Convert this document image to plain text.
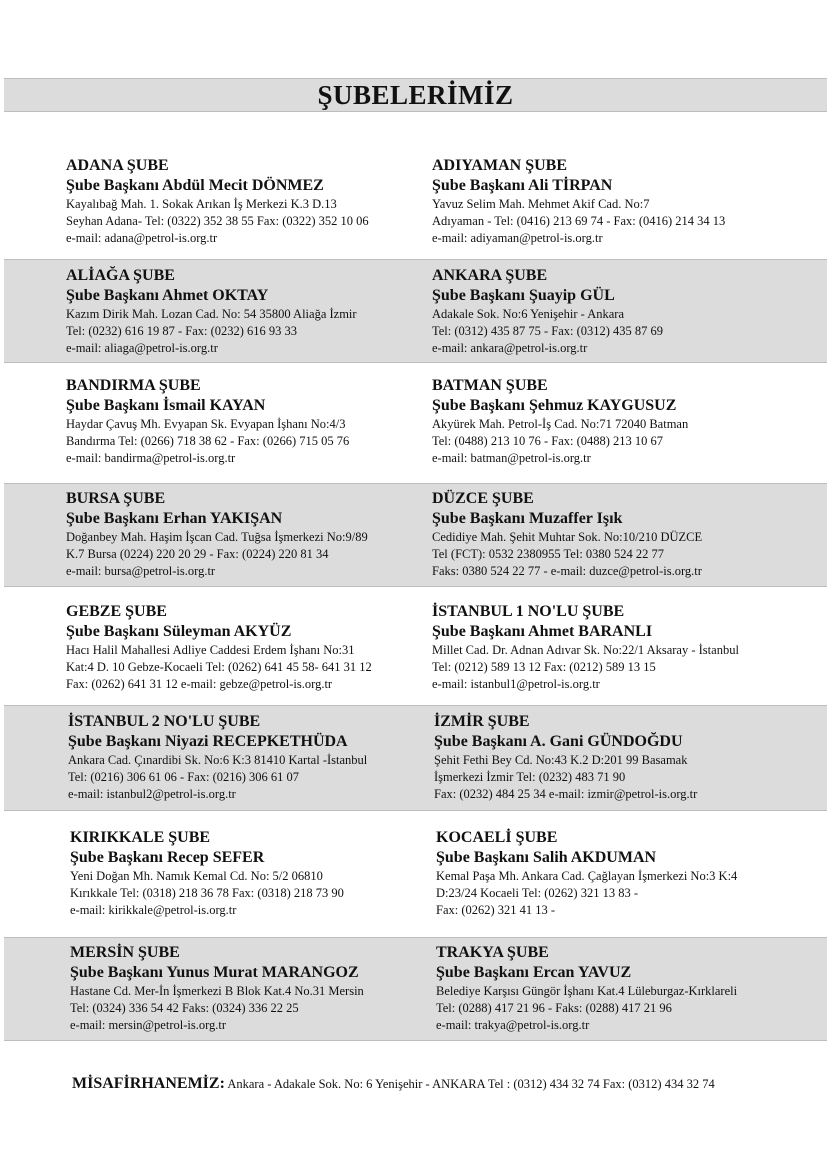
ŞUBELERİMİZ
ADANA ŞUBE
Şube Başkanı Abdül Mecit DÖNMEZ
Kayalıbağ Mah. 1. Sokak Arıkan İş Merkezi K.3 D.13
Seyhan Adana- Tel: (0322) 352 38 55 Fax: (0322) 352 10 06
e-mail: adana@petrol-is.org.tr
ADIYAMAN ŞUBE
Şube Başkanı Ali TİRPAN
Yavuz Selim Mah. Mehmet Akif Cad. No:7
Adıyaman - Tel: (0416) 213 69 74 - Fax: (0416) 214 34 13
e-mail: adiyaman@petrol-is.org.tr
ALİAĞA ŞUBE
Şube Başkanı Ahmet OKTAY
Kazım Dirik Mah. Lozan Cad. No: 54 35800 Aliağa İzmir
Tel: (0232) 616 19 87 - Fax: (0232) 616 93 33
e-mail: aliaga@petrol-is.org.tr
ANKARA ŞUBE
Şube Başkanı Şuayip GÜL
Adakale Sok. No:6 Yenişehir - Ankara
Tel: (0312) 435 87 75 - Fax: (0312) 435 87 69
e-mail: ankara@petrol-is.org.tr
BANDIRMA ŞUBE
Şube Başkanı İsmail KAYAN
Haydar Çavuş Mh. Evyapan Sk. Evyapan İşhanı No:4/3
Bandırma Tel: (0266) 718 38 62 - Fax: (0266) 715 05 76
e-mail: bandirma@petrol-is.org.tr
BATMAN ŞUBE
Şube Başkanı Şehmuz KAYGUSUZ
Akyürek Mah. Petrol-İş Cad. No:71 72040 Batman
Tel: (0488) 213 10 76 - Fax: (0488) 213 10 67
e-mail: batman@petrol-is.org.tr
BURSA ŞUBE
Şube Başkanı Erhan YAKIŞAN
Doğanbey Mah. Haşim İşcan Cad. Tuğsa İşmerkezi No:9/89
K.7 Bursa (0224) 220 20 29 - Fax: (0224) 220 81 34
e-mail: bursa@petrol-is.org.tr
DÜZCE ŞUBE
Şube Başkanı Muzaffer Işık
Cedidiye Mah. Şehit Muhtar Sok. No:10/210 DÜZCE
Tel (FCT): 0532 2380955 Tel: 0380 524 22 77
Faks: 0380 524 22 77 - e-mail: duzce@petrol-is.org.tr
GEBZE ŞUBE
Şube Başkanı Süleyman AKYÜZ
Hacı Halil Mahallesi Adliye Caddesi Erdem İşhanı No:31
Kat:4 D. 10 Gebze-Kocaeli Tel: (0262) 641 45 58- 641 31 12
Fax: (0262) 641 31 12 e-mail: gebze@petrol-is.org.tr
İSTANBUL 1 NO'LU ŞUBE
Şube Başkanı Ahmet BARANLI
Millet Cad. Dr. Adnan Adıvar Sk. No:22/1 Aksaray - İstanbul
Tel: (0212) 589 13 12 Fax: (0212) 589 13 15
e-mail: istanbul1@petrol-is.org.tr
İSTANBUL 2 NO'LU ŞUBE
Şube Başkanı Niyazi RECEPKETHÜDA
Ankara Cad. Çınardibi Sk. No:6 K:3 81410 Kartal -İstanbul
Tel: (0216) 306 61 06 - Fax: (0216) 306 61 07
e-mail: istanbul2@petrol-is.org.tr
İZMİR ŞUBE
Şube Başkanı A. Gani GÜNDOĞDU
Şehit Fethi Bey Cd. No:43 K.2 D:201 99 Basamak
İşmerkezi İzmir Tel: (0232) 483 71 90
Fax: (0232) 484 25 34 e-mail: izmir@petrol-is.org.tr
KIRIKKALE ŞUBE
Şube Başkanı Recep SEFER
Yeni Doğan Mh. Namık Kemal Cd. No: 5/2 06810
Kırıkkale Tel: (0318) 218 36 78 Fax: (0318) 218 73 90
e-mail: kirikkale@petrol-is.org.tr
KOCAELİ ŞUBE
Şube Başkanı Salih AKDUMAN
Kemal Paşa Mh. Ankara Cad. Çağlayan İşmerkezi No:3 K:4
D:23/24 Kocaeli Tel: (0262) 321 13 83 -
Fax: (0262) 321 41 13 -
MERSİN ŞUBE
Şube Başkanı Yunus Murat MARANGOZ
Hastane Cd. Mer-İn İşmerkezi B Blok Kat.4 No.31 Mersin
Tel: (0324) 336 54 42 Faks: (0324) 336 22 25
e-mail: mersin@petrol-is.org.tr
TRAKYA ŞUBE
Şube Başkanı Ercan YAVUZ
Belediye Karşısı Güngör İşhanı Kat.4 Lüleburgaz-Kırklareli
Tel: (0288) 417 21 96 - Faks: (0288) 417 21 96
e-mail: trakya@petrol-is.org.tr
MİSAFİRHANEMİZ: Ankara - Adakale Sok. No: 6 Yenişehir - ANKARA Tel : (0312) 434 32 74 Fax: (0312) 434 32 74
